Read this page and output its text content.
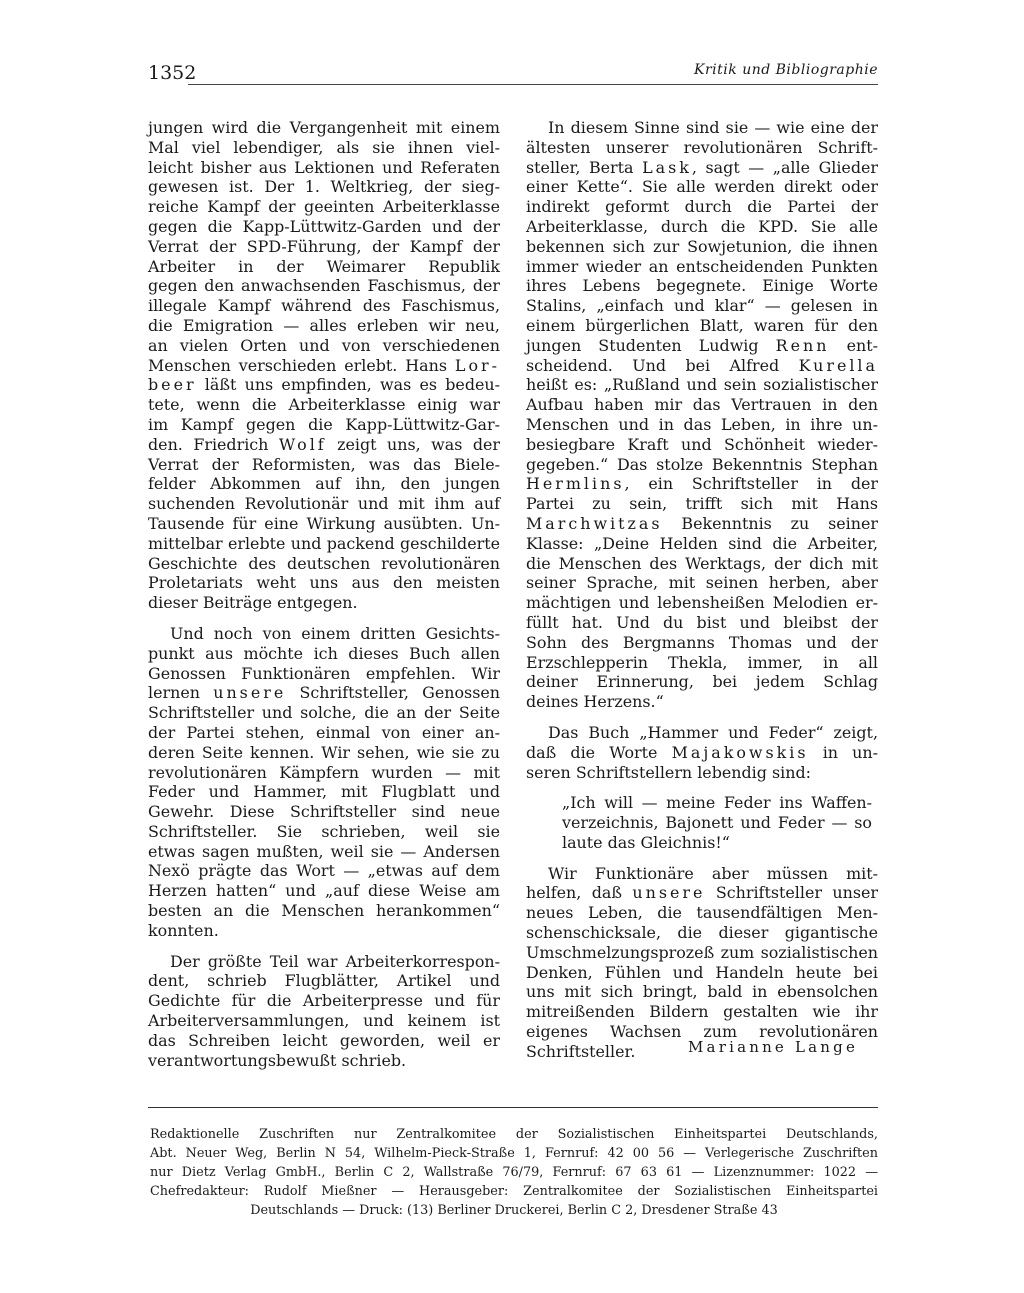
1352	Kritik und Bibliographie
jungen wird die Vergangenheit mit einem
Mal viel lebendiger, als sie ihnen viel-
leicht bisher aus Lektionen und Referaten
gewesen ist. Der 1. Weltkrieg, der sieg-
reiche Kampf der geeinten Arbeiterklasse
gegen die Kapp-Lüttwitz-Garden und der
Verrat der SPD-Führung, der Kampf der
Arbeiter in der Weimarer Republik
gegen den anwachsenden Faschismus, der
illegale Kampf während des Faschismus,
die Emigration — alles erleben wir neu,
an vielen Orten und von verschiedenen
Menschen verschieden erlebt. Hans Lor-
beer läßt uns empfinden, was es bedeu-
tete, wenn die Arbeiterklasse einig war
im Kampf gegen die Kapp-Lüttwitz-Gar-
den. Friedrich Wolf zeigt uns, was der
Verrat der Reformisten, was das Biele-
felder Abkommen auf ihn, den jungen
suchenden Revolutionär und mit ihm auf
Tausende für eine Wirkung ausübten. Un-
mittelbar erlebte und packend geschilderte
Geschichte des deutschen revolutionären
Proletariats weht uns aus den meisten
dieser Beiträge entgegen.
Und noch von einem dritten Gesichts-
punkt aus möchte ich dieses Buch allen
Genossen Funktionären empfehlen. Wir
lernen unsere Schriftsteller, Genossen
Schriftsteller und solche, die an der Seite
der Partei stehen, einmal von einer an-
deren Seite kennen. Wir sehen, wie sie zu
revolutionären Kämpfern wurden — mit
Feder und Hammer, mit Flugblatt und
Gewehr. Diese Schriftsteller sind neue
Schriftsteller. Sie schrieben, weil sie
etwas sagen mußten, weil sie — Andersen
Nexö prägte das Wort — „etwas auf dem
Herzen hatten“ und „auf diese Weise am
besten an die Menschen herankommen“
konnten.
Der größte Teil war Arbeiterkorrespon-
dent, schrieb Flugblätter, Artikel und
Gedichte für die Arbeiterpresse und für
Arbeiterversammlungen, und keinem ist
das Schreiben leicht geworden, weil er
verantwortungsbewußt schrieb.
In diesem Sinne sind sie — wie eine der
ältesten unserer revolutionären Schrift-
steller, Berta Lask, sagt — „alle Glieder
einer Kette“. Sie alle werden direkt oder
indirekt geformt durch die Partei der
Arbeiterklasse, durch die KPD. Sie alle
bekennen sich zur Sowjetunion, die ihnen
immer wieder an entscheidenden Punkten
ihres Lebens begegnete. Einige Worte
Stalins, „einfach und klar“ — gelesen in
einem bürgerlichen Blatt, waren für den
jungen Studenten Ludwig Renn ent-
scheidend. Und bei Alfred Kurella
heißt es: „Rußland und sein sozialistischer
Aufbau haben mir das Vertrauen in den
Menschen und in das Leben, in ihre un-
besiegbare Kraft und Schönheit wieder-
gegeben.“ Das stolze Bekenntnis Stephan
Hermlins, ein Schriftsteller in der
Partei zu sein, trifft sich mit Hans
Marchwitzas Bekenntnis zu seiner
Klasse: „Deine Helden sind die Arbeiter,
die Menschen des Werktags, der dich mit
seiner Sprache, mit seinen herben, aber
mächtigen und lebensheißen Melodien er-
füllt hat. Und du bist und bleibst der
Sohn des Bergmanns Thomas und der
Erzschlepperin Thekla, immer, in all
deiner Erinnerung, bei jedem Schlag
deines Herzens.“
Das Buch „Hammer und Feder“ zeigt,
daß die Worte Majakowskis in un-
seren Schriftstellern lebendig sind:
„Ich will — meine Feder ins Waffen-
verzeichnis, Bajonett und Feder — so
laute das Gleichnis!“
Wir Funktionäre aber müssen mit-
helfen, daß unsere Schriftsteller unser
neues Leben, die tausendfältigen Men-
schenschicksale, die dieser gigantische
Umschmelzungsprozeß zum sozialistischen
Denken, Fühlen und Handeln heute bei
uns mit sich bringt, bald in ebensolchen
mitreißenden Bildern gestalten wie ihr
eigenes Wachsen zum revolutionären
Schriftsteller.	Marianne Lange
Redaktionelle Zuschriften nur Zentralkomitee der Sozialistischen Einheitspartei Deutschlands,
Abt. Neuer Weg, Berlin N 54, Wilhelm-Pieck-Straße 1, Fernruf: 42 00 56 — Verlegerische Zuschriften
nur Dietz Verlag GmbH., Berlin C 2, Wallstraße 76/79, Fernruf: 67 63 61 — Lizenznummer: 1022 —
Chefredakteur: Rudolf Mießner — Herausgeber: Zentralkomitee der Sozialistischen Einheitspartei
Deutschlands — Druck: (13) Berliner Druckerei, Berlin C 2, Dresdener Straße 43
